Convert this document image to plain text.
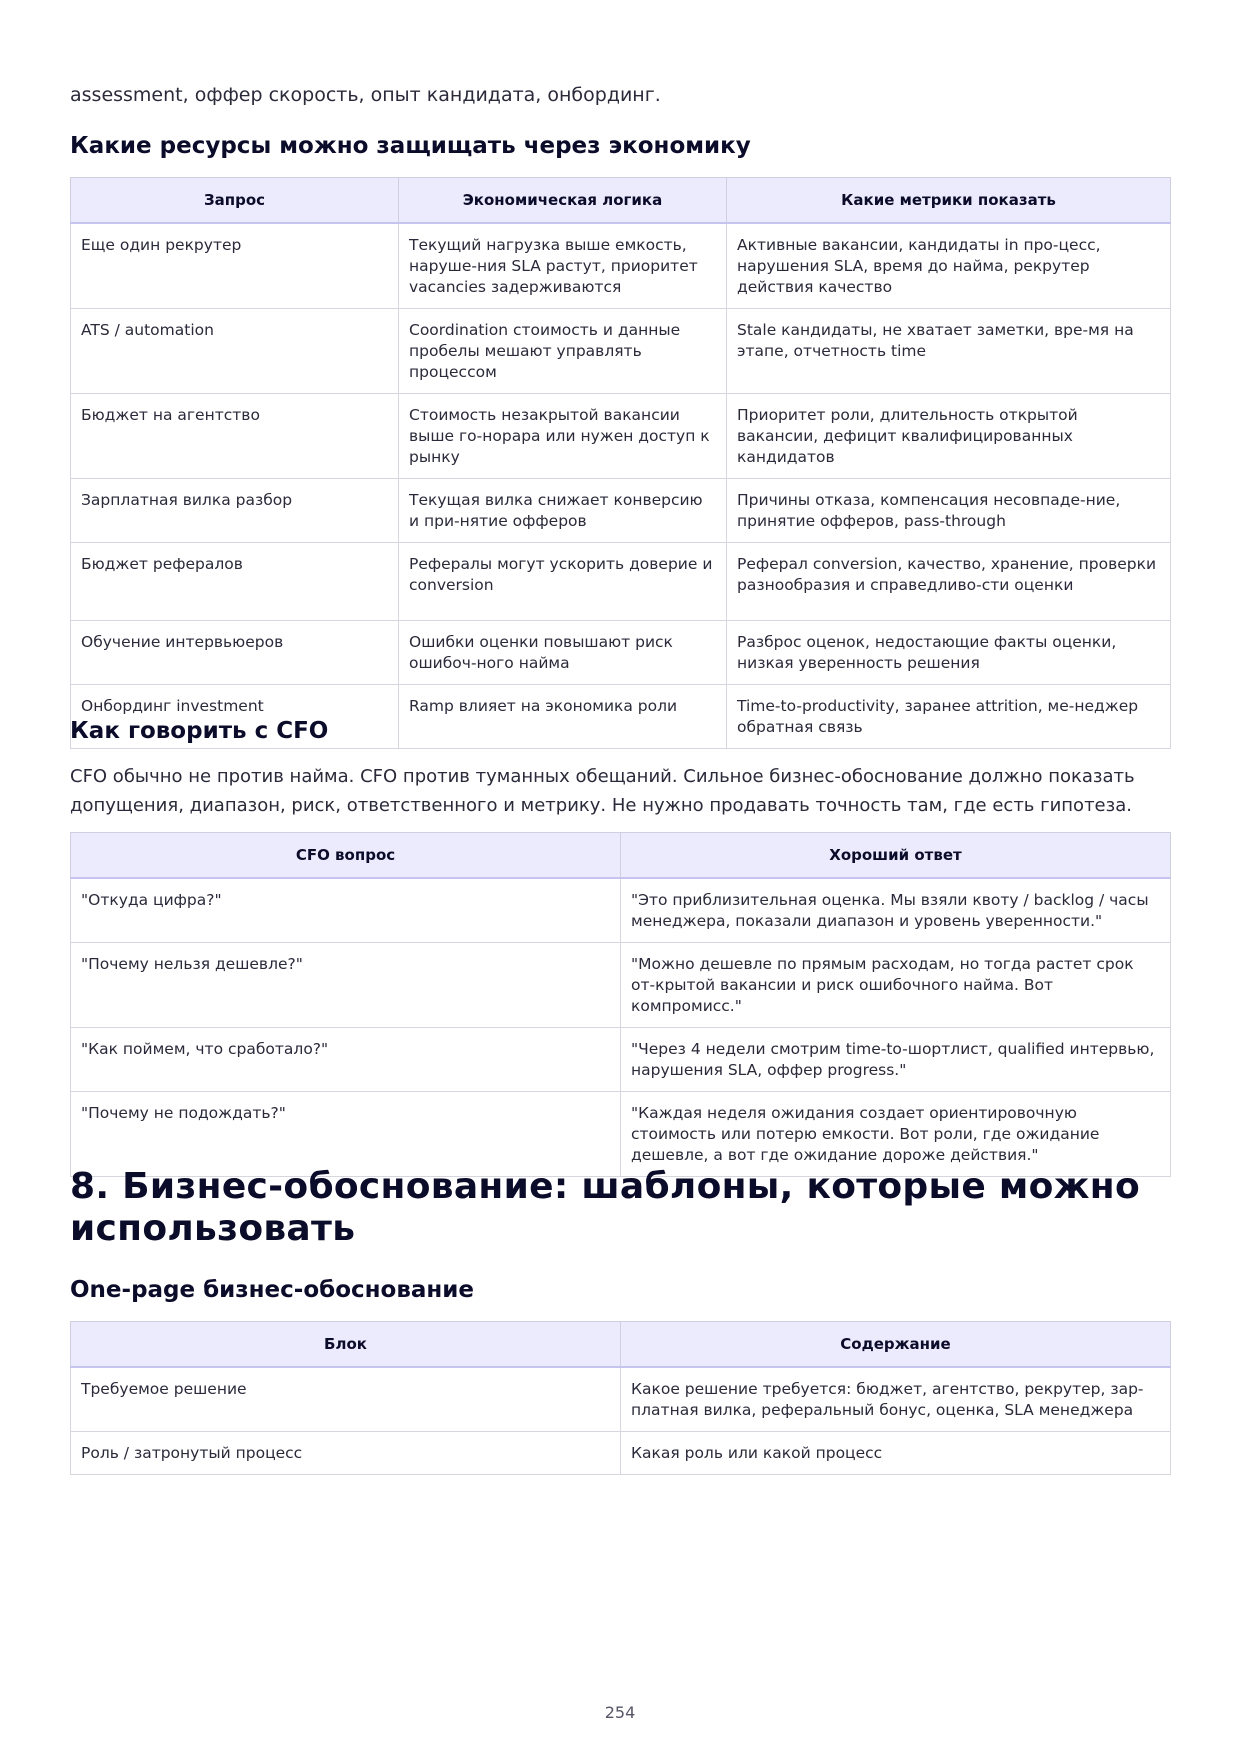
assessment, оффер скорость, опыт кандидата, онбординг.
Какие ресурсы можно защищать через экономику
Запрос	Экономическая логика	Какие метрики показать
Еще один рекрутер	Текущий нагрузка выше емкость, наруше-ния SLA растут, приоритет vacancies задерживаются	Активные вакансии, кандидаты in про-цесс, нарушения SLA, время до найма, рекрутер действия качество
ATS / automation	Coordination стоимость и данные пробелы мешают управлять процессом	Stale кандидаты, не хватает заметки, вре-мя на этапе, отчетность time
Бюджет на агентство	Стоимость незакрытой вакансии выше го-норара или нужен доступ к рынку	Приоритет роли, длительность открытой вакансии, дефицит квалифицированных кандидатов
Зарплатная вилка разбор	Текущая вилка снижает конверсию и при-нятие офферов	Причины отказа, компенсация несовпаде-ние, принятие офферов, pass-through
Бюджет рефералов	Рефералы могут ускорить доверие и conversion	Реферал conversion, качество, хранение, проверки разнообразия и справедливо-сти оценки
Обучение интервьюеров	Ошибки оценки повышают риск ошибоч-ного найма	Разброс оценок, недостающие факты оценки, низкая уверенность решения
Онбординг investment	Ramp влияет на экономика роли	Time-to-productivity, заранее attrition, ме-неджер обратная связь
Как говорить с CFO

CFO обычно не против найма. CFO против туманных обещаний. Сильное бизнес-обоснование должно показать допущения, диапазон, риск, ответственного и метрику. Не нужно продавать точность там, где есть гипотеза.

CFO вопрос	Хороший ответ
"Откуда цифра?"	"Это приблизительная оценка. Мы взяли квоту / backlog / часы менеджера, показали диапазон и уровень уверенности."
"Почему нельзя дешевле?"	"Можно дешевле по прямым расходам, но тогда растет срок от-крытой вакансии и риск ошибочного найма. Вот компромисс."
"Как поймем, что сработало?"	"Через 4 недели смотрим time-to-шортлист, qualified интервью, нарушения SLA, оффер progress."
"Почему не подождать?"	"Каждая неделя ожидания создает ориентировочную стоимость или потерю емкости. Вот роли, где ожидание дешевле, а вот где ожидание дороже действия."
8. Бизнес-обоснование: шаблоны, которые можно использовать
One-page бизнес-обоснование
Блок	Содержание
Требуемое решение	Какое решение требуется: бюджет, агентство, рекрутер, зар-платная вилка, реферальный бонус, оценка, SLA менеджера
Роль / затронутый процесс	Какая роль или какой процесс
254
